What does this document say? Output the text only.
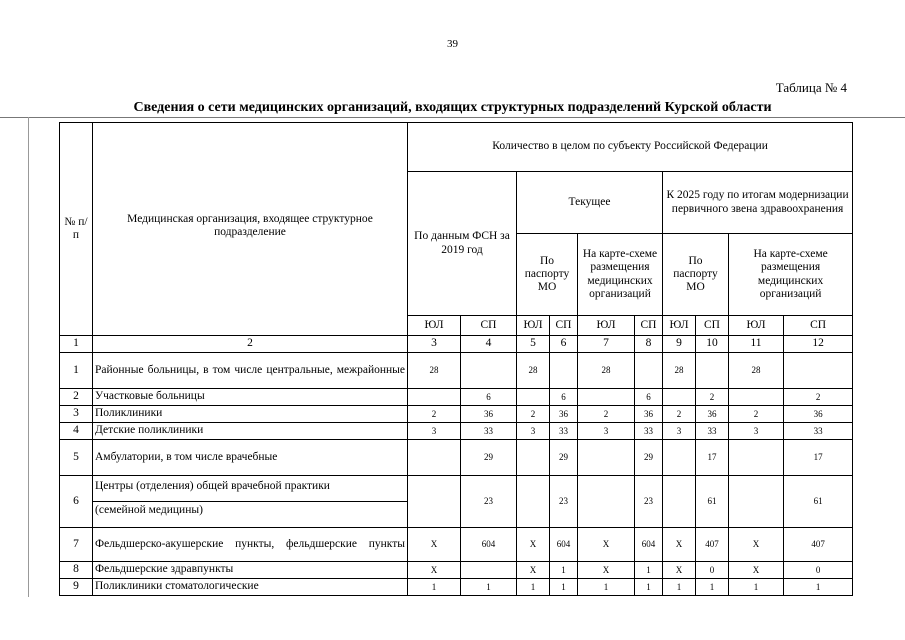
39
Таблица № 4
Сведения о сети медицинских организаций, входящих структурных подразделений Курской области
№ п/п	Медицинская организация, входящее структурное подразделение	Количество в целом по субъекту Российской Федерации									
		По данным ФСН за 2019 год		Текущее				К 2025 году по итогам модернизации первичного звена здравоохранения			
				По паспорту МО		На карте-схеме размещения медицинских организаций		По паспорту МО		На карте-схеме размещения медицинских организаций	
		ЮЛ	СП	ЮЛ	СП	ЮЛ	СП	ЮЛ	СП	ЮЛ	СП
1	2	3	4	5	6	7	8	9	10	11	12
1	Районные больницы, в том числе центральные, межрайонные	28		28		28		28		28	
2	Участковые больницы		6		6		6		2		2
3	Поликлиники	2	36	2	36	2	36	2	36	2	36
4	Детские поликлиники	3	33	3	33	3	33	3	33	3	33
5	Амбулатории, в том числе врачебные		29		29		29		17		17
6	Центры (отделения) общей врачебной практики
(семейной медицины)		23		23		23		61		61
7	Фельдшерско-акушерские пункты, фельдшерские пункты	Х	604	Х	604	Х	604	Х	407	Х	407
8	Фельдшерские здравпункты	Х		Х	1	Х	1	Х	0	Х	0
9	Поликлиники стоматологические	1	1	1	1	1	1	1	1	1	1
